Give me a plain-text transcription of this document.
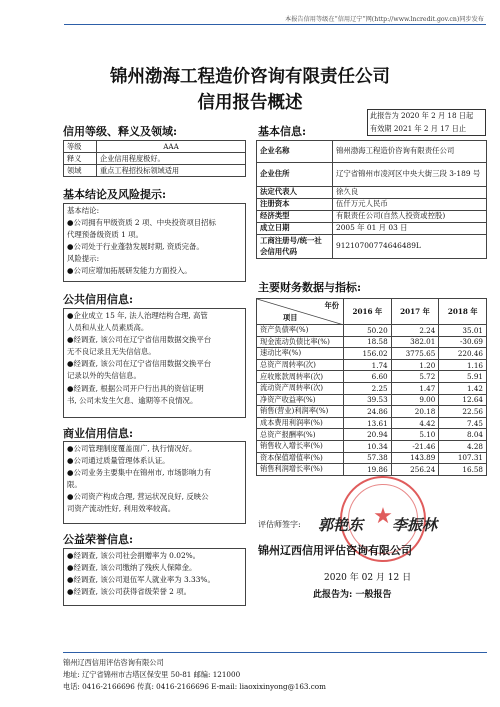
本报告信用等级在“信用辽宁”网(http://www.lncredit.gov.cn)同步发布
锦州渤海工程造价咨询有限责任公司
信用报告概述
此报告为 2020 年 2 月 18 日起
有效期 2021 年 2 月 17 日止
信用等级、释义及领域:
等级	AAA
释义	企业信用程度极好。
领域	重点工程招投标领域适用
基本结论及风险提示:

基本结论:

●公司拥有甲级资质 2 项、中央投资项目招标

代理预备级资质 1 项。

●公司处于行业蓬勃发展时期, 资质完备。

风险提示:

●公司应增加拓展研发能力方面投入。

公共信用信息:

●企业成立 15 年, 法人治理结构合理, 高管

人员和从业人员素质高。

●经调查, 该公司在辽宁省信用数据交换平台

无不良记录且无失信信息。

●经调查, 该公司在辽宁省信用数据交换平台

记录以外的失信信息。

●经调查, 根据公司开户行出具的资信证明

书, 公司未发生欠息、逾期等不良情况。

商业信用信息:

●公司管理制度覆盖面广, 执行情况好。

●公司通过质量管理体系认证。

●公司业务主要集中在锦州市, 市场影响力有

限。

●公司资产构成合理, 营运状况良好, 反映公

司资产流动性好, 利用效率较高。

公益荣誉信息:

●经调查, 该公司社会捐赠率为 0.02%。

●经调查, 该公司缴纳了残疾人保障金。

●经调查, 该公司退伍军人就业率为 3.33%。

●经调查, 该公司获得省级荣誉 2 项。

基本信息:
企业名称	锦州渤海工程造价咨询有限责任公司
企业住所	辽宁省锦州市凌河区中央大街三段 3-189 号
法定代表人	徐久良
注册资本	伍仟万元人民币
经济类型	有限责任公司(自然人投资或控股)
成立日期	2005 年 01 月 03 日
工商注册号/统一社会信用代码	91210700774646489L
主要财务数据与指标:
年份
项目	2016 年	2017 年	2018 年
资产负债率(%)	50.20	2.24	35.01
现金流动负债比率(%)	18.58	382.01	-30.69
速动比率(%)	156.02	3775.65	220.46
总资产周转率(次)	1.74	1.20	1.16
应收账款周转率(次)	6.60	5.72	5.91
流动资产周转率(次)	2.25	1.47	1.42
净资产收益率(%)	39.53	9.00	12.64
销售(营业)利润率(%)	24.86	20.18	22.56
成本费用利润率(%)	13.61	4.42	7.45
总资产报酬率(%)	20.94	5.10	8.04
销售收入增长率(%)	10.34	-21.46	4.28
资本保值增值率(%)	57.38	143.89	107.31
销售利润增长率(%)	19.86	256.24	16.58
★
评估师签字: 郭艳东 李振林
锦州辽西信用评估咨询有限公司
2020 年 02 月 12 日
此报告为: 一般报告
锦州辽西信用评估咨询有限公司
地址: 辽宁省锦州市古塔区保安里 50-81 邮编: 121000
电话: 0416-2166696 传真: 0416-2166696 E-mail: liaoxixinyong@163.com
